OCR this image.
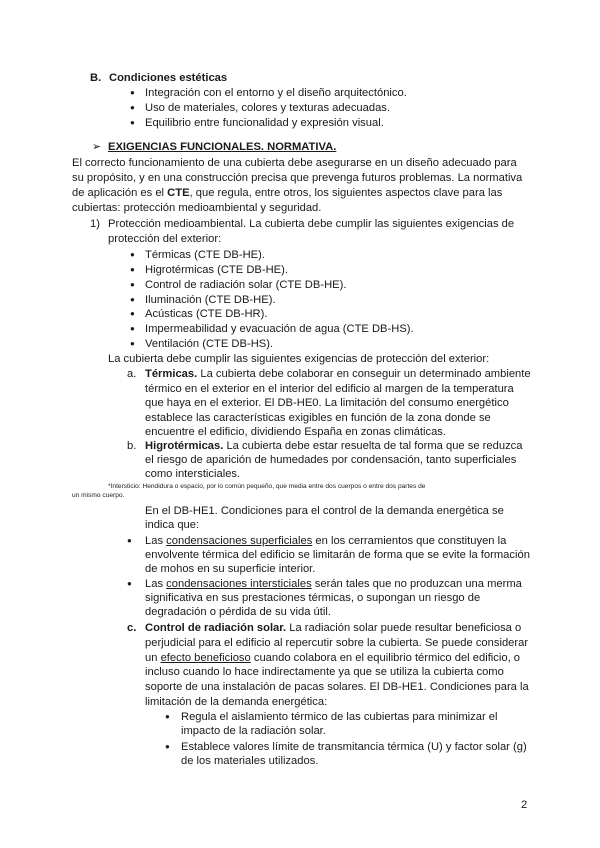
B. Condiciones estéticas
● Integración con el entorno y el diseño arquitectónico.
● Uso de materiales, colores y texturas adecuadas.
● Equilibrio entre funcionalidad y expresión visual.
➢ EXIGENCIAS FUNCIONALES. NORMATIVA.
El correcto funcionamiento de una cubierta debe asegurarse en un diseño adecuado para
su propósito, y en una construcción precisa que prevenga futuros problemas. La normativa
de aplicación es el CTE, que regula, entre otros, los siguientes aspectos clave para las
cubiertas: protección medioambiental y seguridad.
1) Protección medioambiental. La cubierta debe cumplir las siguientes exigencias de
protección del exterior:
● Térmicas (CTE DB-HE).
● Higrotérmicas (CTE DB-HE).
● Control de radiación solar (CTE DB-HE).
● Iluminación (CTE DB-HE).
● Acústicas (CTE DB-HR).
● Impermeabilidad y evacuación de agua (CTE DB-HS).
● Ventilación (CTE DB-HS).
La cubierta debe cumplir las siguientes exigencias de protección del exterior:
a. Térmicas. La cubierta debe colaborar en conseguir un determinado ambiente
térmico en el exterior en el interior del edificio al margen de la temperatura
que haya en el exterior. El DB-HE0. La limitación del consumo energético
establece las características exigibles en función de la zona donde se
encuentre el edificio, dividiendo España en zonas climáticas.
b. Higrotérmicas. La cubierta debe estar resuelta de tal forma que se reduzca
el riesgo de aparición de humedades por condensación, tanto superficiales
como intersticiales.
*Intersticio: Hendidura o espacio, por lo común pequeño, que media entre dos cuerpos o entre dos partes de
un mismo cuerpo.
En el DB-HE1. Condiciones para el control de la demanda energética se
indica que:
● Las condensaciones superficiales en los cerramientos que constituyen la
envolvente térmica del edificio se limitarán de forma que se evite la formación
de mohos en su superficie interior.
● Las condensaciones intersticiales serán tales que no produzcan una merma
significativa en sus prestaciones térmicas, o supongan un riesgo de
degradación o pérdida de su vida útil.
c. Control de radiación solar. La radiación solar puede resultar beneficiosa o
perjudicial para el edificio al repercutir sobre la cubierta. Se puede considerar
un efecto beneficioso cuando colabora en el equilibrio térmico del edificio, o
incluso cuando lo hace indirectamente ya que se utiliza la cubierta como
soporte de una instalación de pacas solares. El DB-HE1. Condiciones para la
limitación de la demanda energética:
● Regula el aislamiento térmico de las cubiertas para minimizar el
impacto de la radiación solar.
● Establece valores límite de transmitancia térmica (U) y factor solar (g)
de los materiales utilizados.
2
